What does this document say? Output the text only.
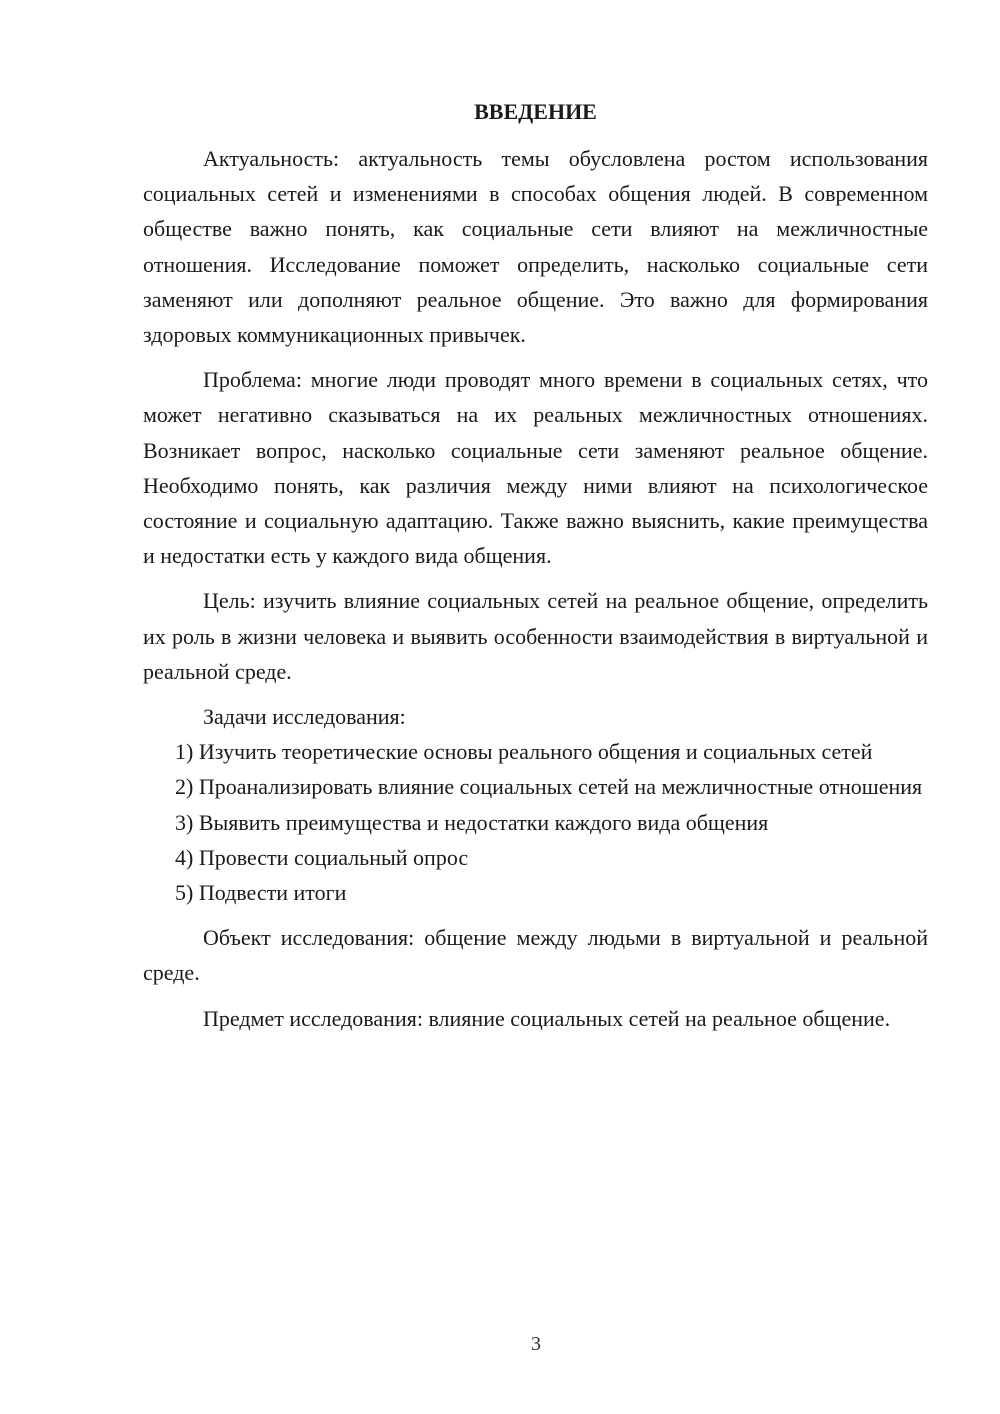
ВВЕДЕНИЕ

Актуальность: актуальность темы обусловлена ростом использования социальных сетей и изменениями в способах общения людей. В современном обществе важно понять, как социальные сети влияют на межличностные отношения. Исследование поможет определить, насколько социальные сети заменяют или дополняют реальное общение. Это важно для формирования здоровых коммуникационных привычек.

Проблема: многие люди проводят много времени в социальных сетях, что может негативно сказываться на их реальных межличностных отношениях. Возникает вопрос, насколько социальные сети заменяют реальное общение. Необходимо понять, как различия между ними влияют на психологическое состояние и социальную адаптацию. Также важно выяснить, какие преимущества и недостатки есть у каждого вида общения.

Цель: изучить влияние социальных сетей на реальное общение, определить их роль в жизни человека и выявить особенности взаимодействия в виртуальной и реальной среде.

Задачи исследования:

1) Изучить теоретические основы реального общения и социальных сетей

2) Проанализировать влияние социальных сетей на межличностные отношения

3) Выявить преимущества и недостатки каждого вида общения

4) Провести социальный опрос

5) Подвести итоги

Объект исследования: общение между людьми в виртуальной и реальной среде.

Предмет исследования: влияние социальных сетей на реальное общение.

3
